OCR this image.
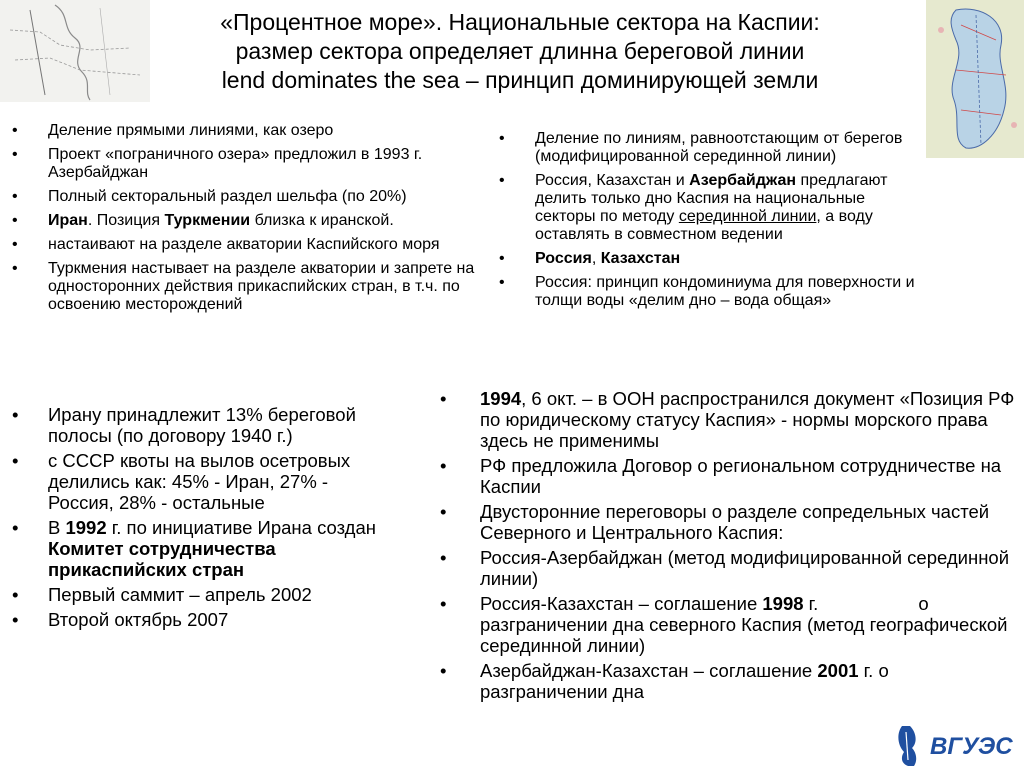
«Процентное море». Национальные сектора на Каспии:
размер сектора определяет длинна береговой линии
lend dominates the sea – принцип доминирующей земли
• Деление прямыми линиями, как озеро
• Проект «пограничного озера» предложил в 1993 г. Азербайджан
• Полный секторальный раздел шельфа (по 20%)
• Иран. Позиция Туркмении близка к иранской.
• настаивают на разделе акватории Каспийского моря
• Туркмения настывает на разделе акватории и запрете на односторонних действия прикаспийских стран, в т.ч. по освоению месторождений
• Деление по линиям, равноотстающим от берегов (модифицированной серединной линии)
• Россия, Казахстан и Азербайджан предлагают делить только дно Каспия на национальные секторы по методу серединной линии, а воду оставлять в совместном ведении
• Россия, Казахстан
• Россия: принцип кондоминиума для поверхности и толщи воды «делим дно – вода общая»
• Ирану принадлежит 13% береговой полосы (по договору 1940 г.)
• с СССР квоты на вылов осетровых делились как: 45% - Иран, 27% - Россия, 28% - остальные
• В 1992 г. по инициативе Ирана создан Комитет сотрудничества прикаспийских стран
• Первый саммит – апрель 2002
• Второй октябрь 2007
• 1994, 6 окт. – в ООН распространился документ «Позиция РФ по юридическому статусу Каспия» - нормы морского права здесь не применимы
• РФ предложила Договор о региональном сотрудничестве на Каспии
• Двусторонние переговоры о разделе сопредельных частей Северного и Центрального Каспия:
• Россия-Азербайджан (метод модифицированной серединной линии)
• Россия-Казахстан – соглашение 1998 г.	о разграничении дна северного Каспия (метод географической серединной линии)
• Азербайджан-Казахстан – соглашение 2001 г. о разграничении дна
ВГУЭС
